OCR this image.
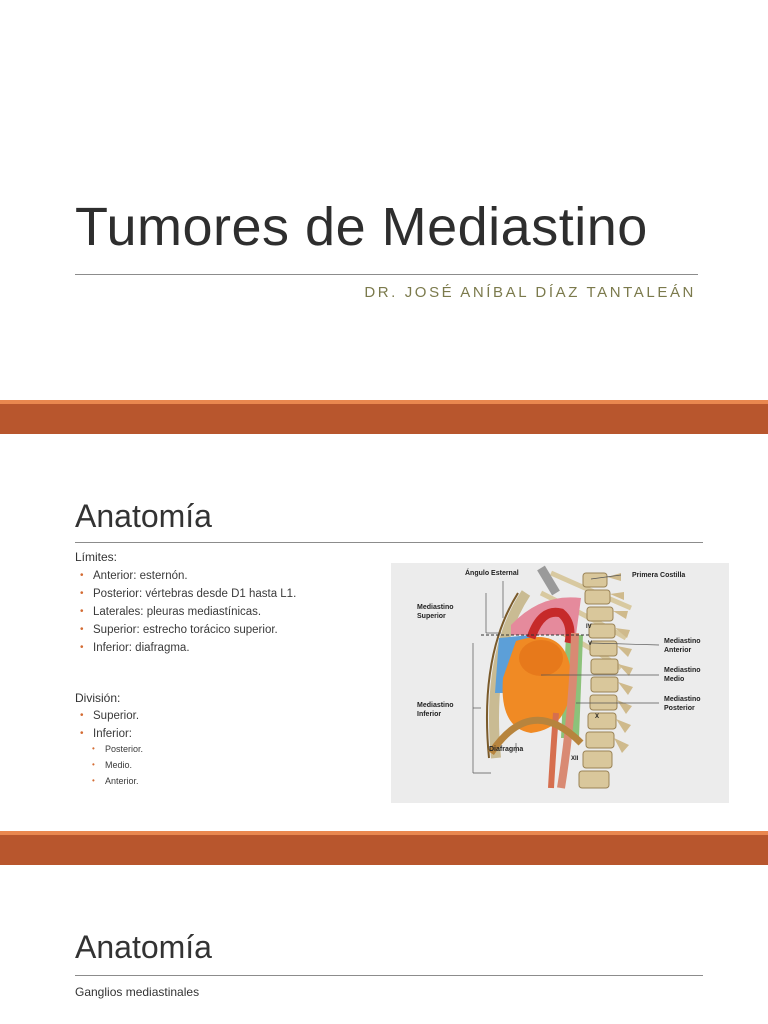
Tumores de Mediastino
DR. JOSÉ ANÍBAL DÍAZ TANTALEÁN
Anatomía
Límites:
• Anterior: esternón.
• Posterior: vértebras desde D1 hasta L1.
• Laterales: pleuras mediastínicas.
• Superior: estrecho torácico superior.
• Inferior: diafragma.
División:
• Superior.
• Inferior:
• Posterior.
• Medio.
• Anterior.
Ángulo Esternal	Primera Costilla
Mediastino Superior
Mediastino Anterior
Mediastino Medio
Mediastino Posterior
Mediastino Inferior
Diafragma
IV
V
X
XII
Anatomía
Ganglios mediastinales
